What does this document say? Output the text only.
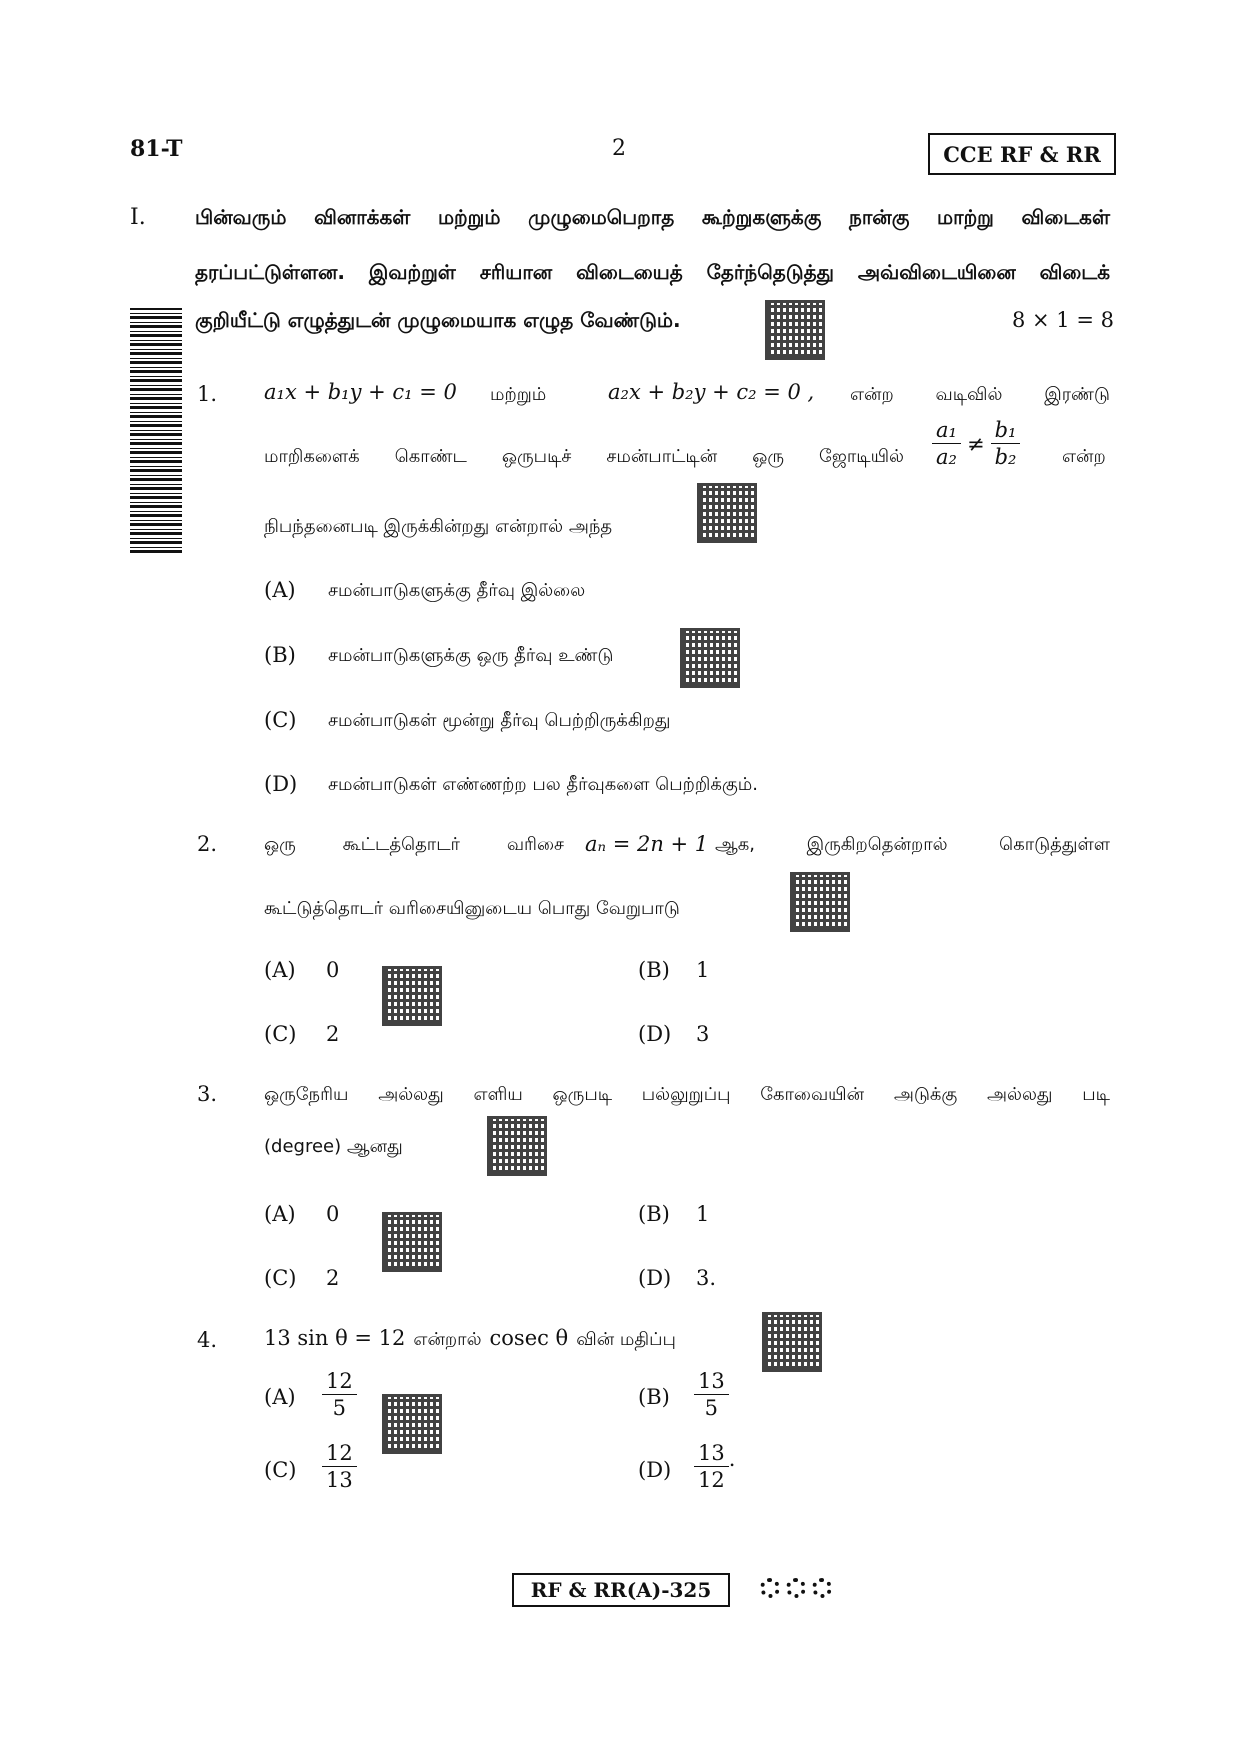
81-T	2	CCE RF & RR
I. பின்வரும் வினாக்கள் மற்றும் முழுமைபெறாத கூற்றுகளுக்கு நான்கு மாற்று விடைகள்
தரப்பட்டுள்ளன. இவற்றுள் சரியான விடையைத் தேர்ந்தெடுத்து அவ்விடையினை விடைக்
குறியீட்டு எழுத்துடன் முழுமையாக எழுத வேண்டும்.	8 × 1 = 8
1. a₁x + b₁y + c₁ = 0 மற்றும்	a₂x + b₂y + c₂ = 0 , என்ற வடிவில் இரண்டு
மாறிகளைக் கொண்ட ஒருபடிச் சமன்பாட்டின் ஒரு ஜோடியில் $\frac{\text{a₁}}{\text{a₂}} \ne \frac{\text{b₁}}{\text{b₂}}$ என்ற
நிபந்தனைபடி இருக்கின்றது என்றால் அந்த
(A) சமன்பாடுகளுக்கு தீர்வு இல்லை
(B) சமன்பாடுகளுக்கு ஒரு தீர்வு உண்டு
(C) சமன்பாடுகள் மூன்று தீர்வு பெற்றிருக்கிறது
(D) சமன்பாடுகள் எண்ணற்ற பல தீர்வுகளை பெற்றிக்கும்.
2.	ஒரு கூட்டத்தொடர் வரிசை aₙ = 2n + 1 ஆக, இருகிறதென்றால் கொடுத்துள்ள
கூட்டுத்தொடர் வரிசையினுடைய பொது வேறுபாடு
(A) 0	(B) 1
(C) 2	(D) 3
3.	ஒருநேரிய அல்லது எளிய ஒருபடி பல்லுறுப்பு கோவையின் அடுக்கு அல்லது படி
(degree) ஆனது
(A) 0	(B) 1
(C) 2	(D) 3.
4. 13 sin θ = 12 என்றால் cosec θ வின் மதிப்பு
$(A) \frac{12}{5}$	$(B) \frac{13}{5}$
$(C) \frac{12}{13}$	$(D) \frac{13}{12}$ .
RF & RR(A)-325
